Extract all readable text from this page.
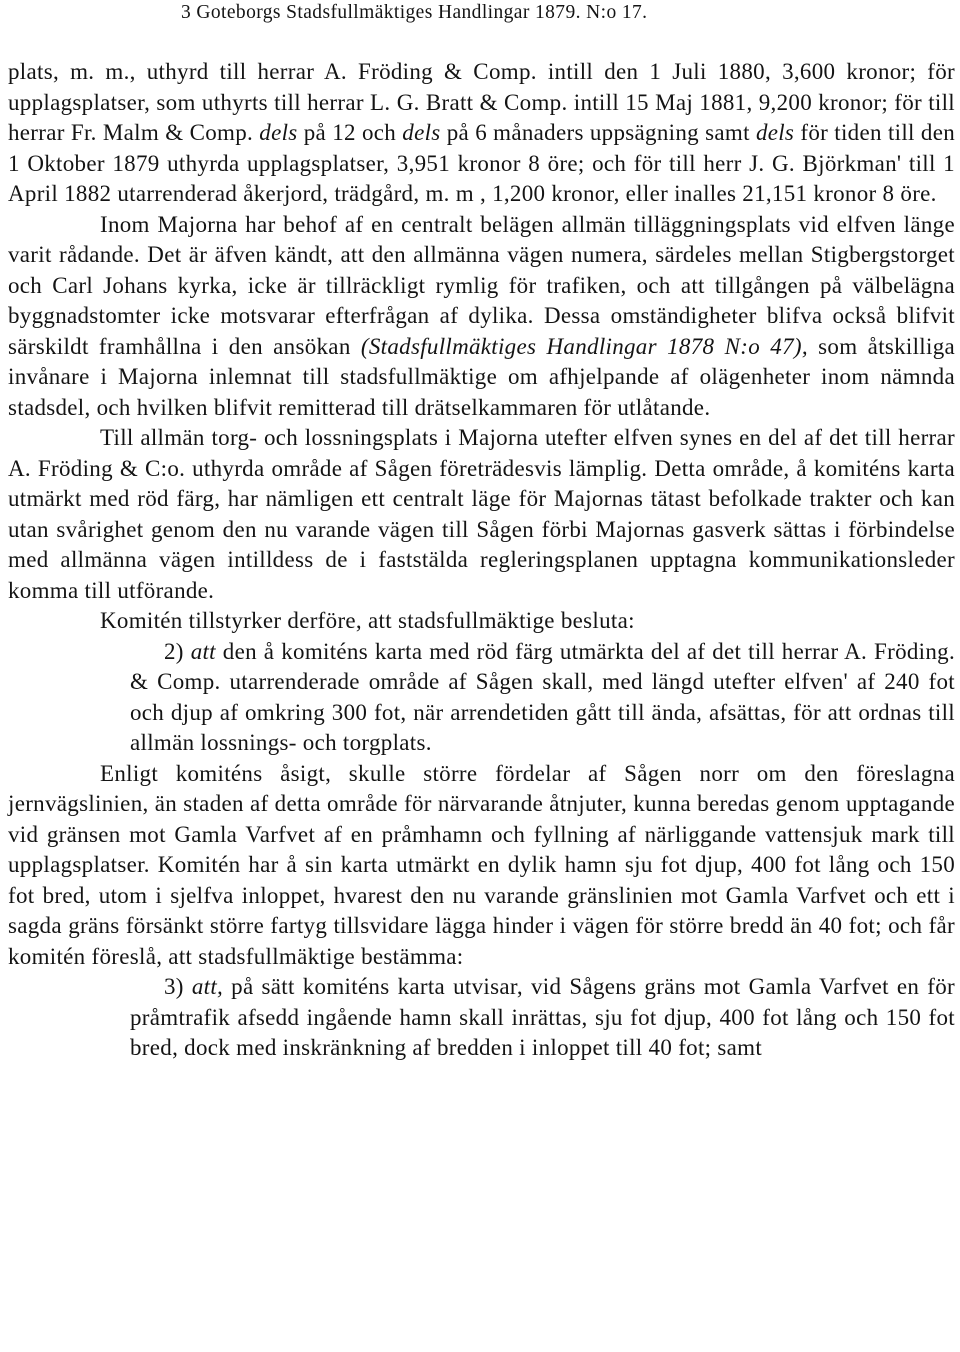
3 Goteborgs Stadsfullmäktiges Handlingar 1879. N:o 17.

plats, m. m., uthyrd till herrar A. Fröding & Comp. intill den 1 Juli 1880, 3,600 kronor; för upplagsplatser, som uthyrts till herrar L. G. Bratt & Comp. intill 15 Maj 1881, 9,200 kronor; för till herrar Fr. Malm & Comp. dels på 12 och dels på 6 månaders uppsägning samt dels för tiden till den 1 Oktober 1879 uthyrda upplagsplatser, 3,951 kronor 8 öre; och för till herr J. G. Björkman' till 1 April 1882 utarrenderad åkerjord, trädgård, m. m , 1,200 kronor, eller inalles 21,151 kronor 8 öre.

Inom Majorna har behof af en centralt belägen allmän tilläggningsplats vid elfven länge varit rådande. Det är äfven kändt, att den allmänna vägen numera, särdeles mellan Stigbergstorget och Carl Johans kyrka, icke är tillräckligt rymlig för trafiken, och att tillgången på välbelägna byggnadstomter icke motsvarar efterfrågan af dylika. Dessa omständigheter blifva också blifvit särskildt framhållna i den ansökan (Stadsfullmäktiges Handlingar 1878 N:o 47), som åtskilliga invånare i Majorna inlemnat till stadsfullmäktige om afhjelpande af olägenheter inom nämnda stadsdel, och hvilken blifvit remitterad till drätselkammaren för utlåtande.

Till allmän torg- och lossningsplats i Majorna utefter elfven synes en del af det till herrar A. Fröding & C:o. uthyrda område af Sågen företrädesvis lämplig. Detta område, å komiténs karta utmärkt med röd färg, har nämligen ett centralt läge för Majornas tätast befolkade trakter och kan utan svårighet genom den nu varande vägen till Sågen förbi Majornas gasverk sättas i förbindelse med allmänna vägen intilldess de i faststälda regleringsplanen upptagna kommunikationsleder komma till utförande.

Komitén tillstyrker derföre, att stadsfullmäktige besluta:

2) att den å komiténs karta med röd färg utmärkta del af det till herrar A. Fröding. & Comp. utarrenderade område af Sågen skall, med längd utefter elfven' af 240 fot och djup af omkring 300 fot, när arrendetiden gått till ända, afsättas, för att ordnas till allmän lossnings- och torgplats.

Enligt komiténs åsigt, skulle större fördelar af Sågen norr om den föreslagna jernvägslinien, än staden af detta område för närvarande åtnjuter, kunna beredas genom upptagande vid gränsen mot Gamla Varfvet af en pråmhamn och fyllning af närliggande vattensjuk mark till upplagsplatser. Komitén har å sin karta utmärkt en dylik hamn sju fot djup, 400 fot lång och 150 fot bred, utom i sjelfva inloppet, hvarest den nu varande gränslinien mot Gamla Varfvet och ett i sagda gräns försänkt större fartyg tillsvidare lägga hinder i vägen för större bredd än 40 fot; och får komitén föreslå, att stadsfullmäktige bestämma:

3) att, på sätt komiténs karta utvisar, vid Sågens gräns mot Gamla Varfvet en för pråmtrafik afsedd ingående hamn skall inrättas, sju fot djup, 400 fot lång och 150 fot bred, dock med inskränkning af bredden i inloppet till 40 fot; samt
